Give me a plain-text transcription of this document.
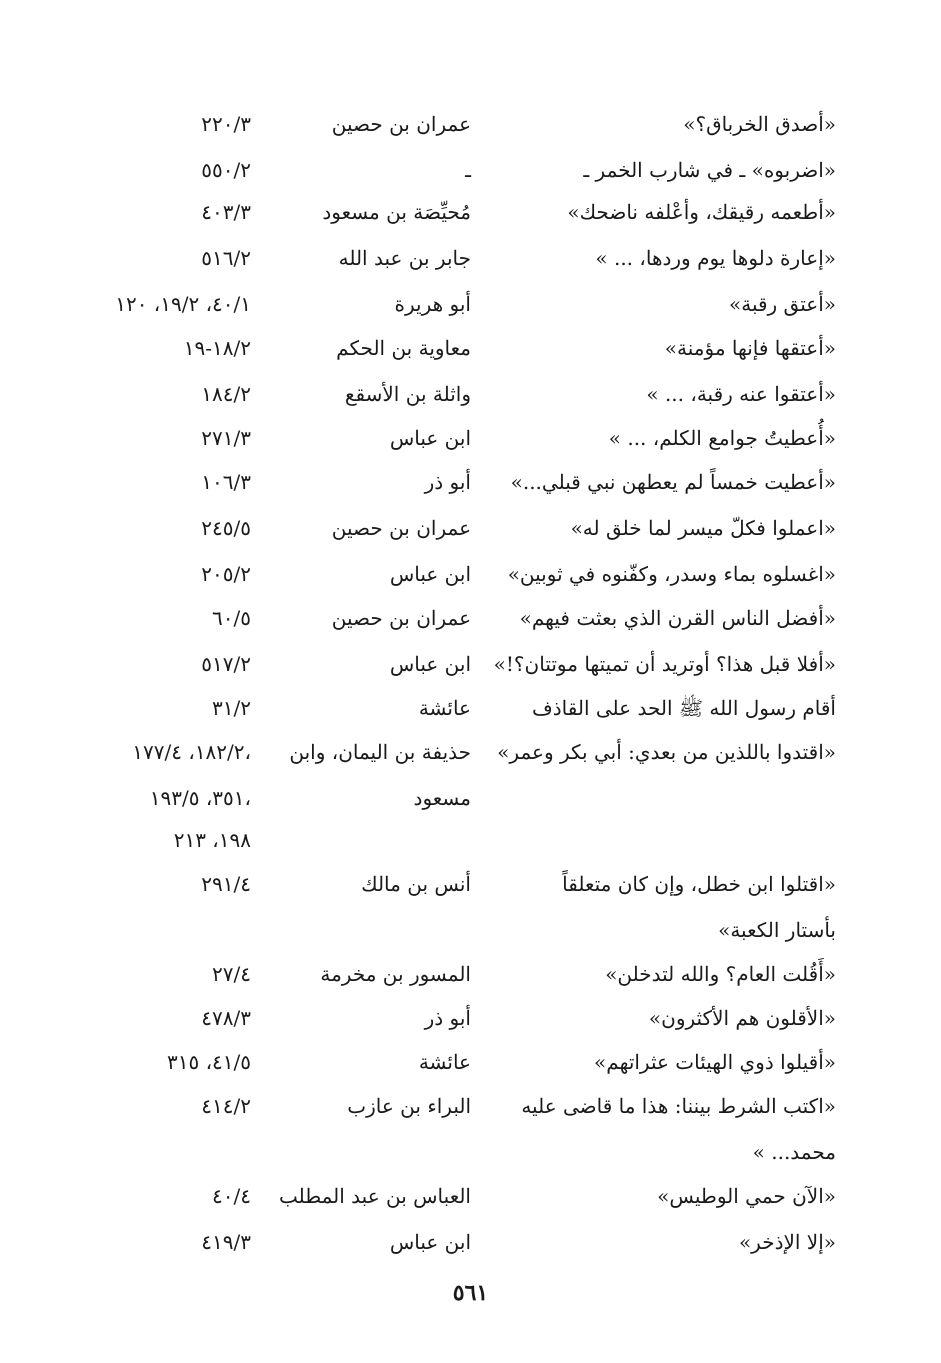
«أصدق الخرباق؟»
عمران بن حصين
٢٢٠/٣
«اضربوه» ـ في شارب الخمر ـ
ـ
٥٥٠/٢
«أطعمه رقيقك، وأعْلفه ناضحك»
مُحيِّصَة بن مسعود
٤٠٣/٣
«إعارة دلوها يوم وردها، ... »
جابر بن عبد الله
٥١٦/٢
«أعتق رقبة»
أبو هريرة
٤٠/١، ١٩/٢، ١٢٠
«أعتقها فإنها مؤمنة»
معاوية بن الحكم
١٨/٢-١٩
«أعتقوا عنه رقبة، ... »
واثلة بن الأسقع
١٨٤/٢
«أُعطيتُ جوامع الكلم، ... »
ابن عباس
٢٧١/٣
«أعطيت خمساً لم يعطهن نبي قبلي...»
أبو ذر
١٠٦/٣
«اعملوا فكلّ ميسر لما خلق له»
عمران بن حصين
٢٤٥/٥
«اغسلوه بماء وسدر، وكفّنوه في ثوبين»
ابن عباس
٢٠٥/٢
«أفضل الناس القرن الذي بعثت فيهم»
عمران بن حصين
٦٠/٥
«أفلا قبل هذا؟ أوتريد أن تميتها موتتان؟!»
ابن عباس
٥١٧/٢
أقام رسول الله ﷺ الحد على القاذف
عائشة
٣١/٢
«اقتدوا باللذين من بعدي: أبي بكر وعمر»
حذيفة بن اليمان، وابن
١٨٢/٢، ١٧٧/٤،
مسعود
٣٥١، ١٩٣/٥،
١٩٨، ٢١٣
«اقتلوا ابن خطل، وإن كان متعلقاً
أنس بن مالك
٢٩١/٤
بأستار الكعبة»
«أَقُلت العام؟ والله لتدخلن»
المسور بن مخرمة
٢٧/٤
«الأقلون هم الأكثرون»
أبو ذر
٤٧٨/٣
«أقيلوا ذوي الهيئات عثراتهم»
عائشة
٤١/٥، ٣١٥
«اكتب الشرط بيننا: هذا ما قاضى عليه
البراء بن عازب
٤١٤/٢
محمد... »
«الآن حمي الوطيس»
العباس بن عبد المطلب
٤٠/٤
«إلا الإذخر»
ابن عباس
٤١٩/٣
٥٦١
